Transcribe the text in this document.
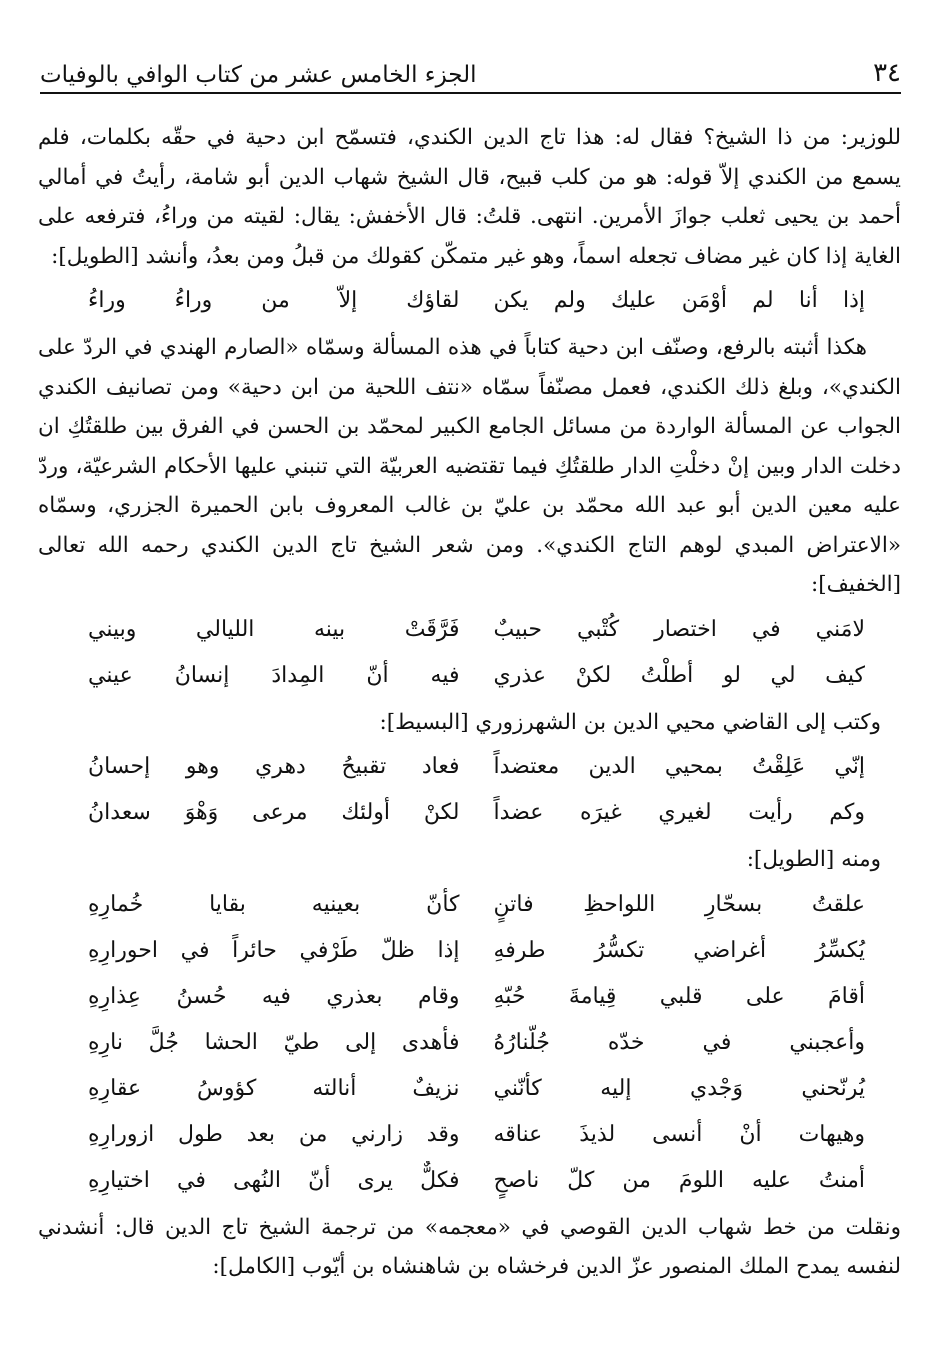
٣٤
الجزء الخامس عشر من كتاب الوافي بالوفيات

للوزير: من ذا الشيخ؟ فقال له: هذا تاج الدين الكندي، فتسمّح ابن دحية في حقّه بكلمات، فلم يسمع من الكندي إلاّ قوله: هو من كلب قبيح، قال الشيخ شهاب الدين أبو شامة، رأيتُ في أمالي أحمد بن يحيى ثعلب جوازَ الأمرين. انتهى. قلتُ: قال الأخفش: يقال: لقيته من وراءُ، فترفعه على الغاية إذا كان غير مضاف تجعله اسماً، وهو غير متمكّن كقولك من قبلُ ومن بعدُ، وأنشد [الطويل]:

إذا أنا لم أوْمَن عليك ولم يكن
لقاؤك إلاّ من وراءُ وراءُ

هكذا أثبته بالرفع، وصنّف ابن دحية كتاباً في هذه المسألة وسمّاه «الصارم الهندي في الردّ على الكندي»، وبلغ ذلك الكندي، فعمل مصنّفاً سمّاه «نتف اللحية من ابن دحية» ومن تصانيف الكندي الجواب عن المسألة الواردة من مسائل الجامع الكبير لمحمّد بن الحسن في الفرق بين طلقتُكِ ان دخلت الدار وبين إنْ دخلْتِ الدار طلقتُكِ فيما تقتضيه العربيّة التي تنبني عليها الأحكام الشرعيّة، وردّ عليه معين الدين أبو عبد الله محمّد بن عليّ بن غالب المعروف بابن الحميرة الجزري، وسمّاه «الاعتراض المبدي لوهم التاج الكندي». ومن شعر الشيخ تاج الدين الكندي رحمه الله تعالى [الخفيف]:

لامَني في اختصار كُتْبي حبيبٌ
فَرَّقَتْ بينه الليالي وبيني
كيف لي لو أطلْتُ لكنْ عذري
فيه أنّ المِدادَ إنسانُ عيني

وكتب إلى القاضي محيي الدين بن الشهرزوري [البسيط]:

إنّي عَلِقْتُ بمحيي الدين معتضداً
فعاد تقبيحُ دهري وهو إحسانُ
وكم رأيت لغيري غيرَه عضداً
لكنْ أولئك مرعى وَهْوَ سعدانُ

ومنه [الطويل]:

علقتُ بسحّارِ اللواحظِ فاتنٍ
كأنّ بعينيه بقايا خُمارِهِ
يُكسِّرُ أغراضي تكسُّرُ طرفهِ
إذا ظلّ طَرْفي حائراً في احورارِهِ
أقامَ على قلبي قِيامةَ حُبّهِ
وقام بعذري فيه حُسنُ عِذارِهِ
وأعجبني في خدّه جُلّنارُهُ
فأهدى إلى طيّ الحشا جُلَّ نارِهِ
يُرنّحني وَجْدي إليه كأنّني
نزيفٌ أنالته كؤوسُ عقارِهِ
وهيهات أنْ أنسى لذيذَ عناقه
وقد زارني من بعد طول ازورارِهِ
أمنتُ عليه اللومَ من كلّ ناصحٍ
فكلٌّ يرى أنّ النُهى في اختيارِهِ

ونقلت من خط شهاب الدين القوصي في «معجمه» من ترجمة الشيخ تاج الدين قال: أنشدني لنفسه يمدح الملك المنصور عزّ الدين فرخشاه بن شاهنشاه بن أيّوب [الكامل]:
